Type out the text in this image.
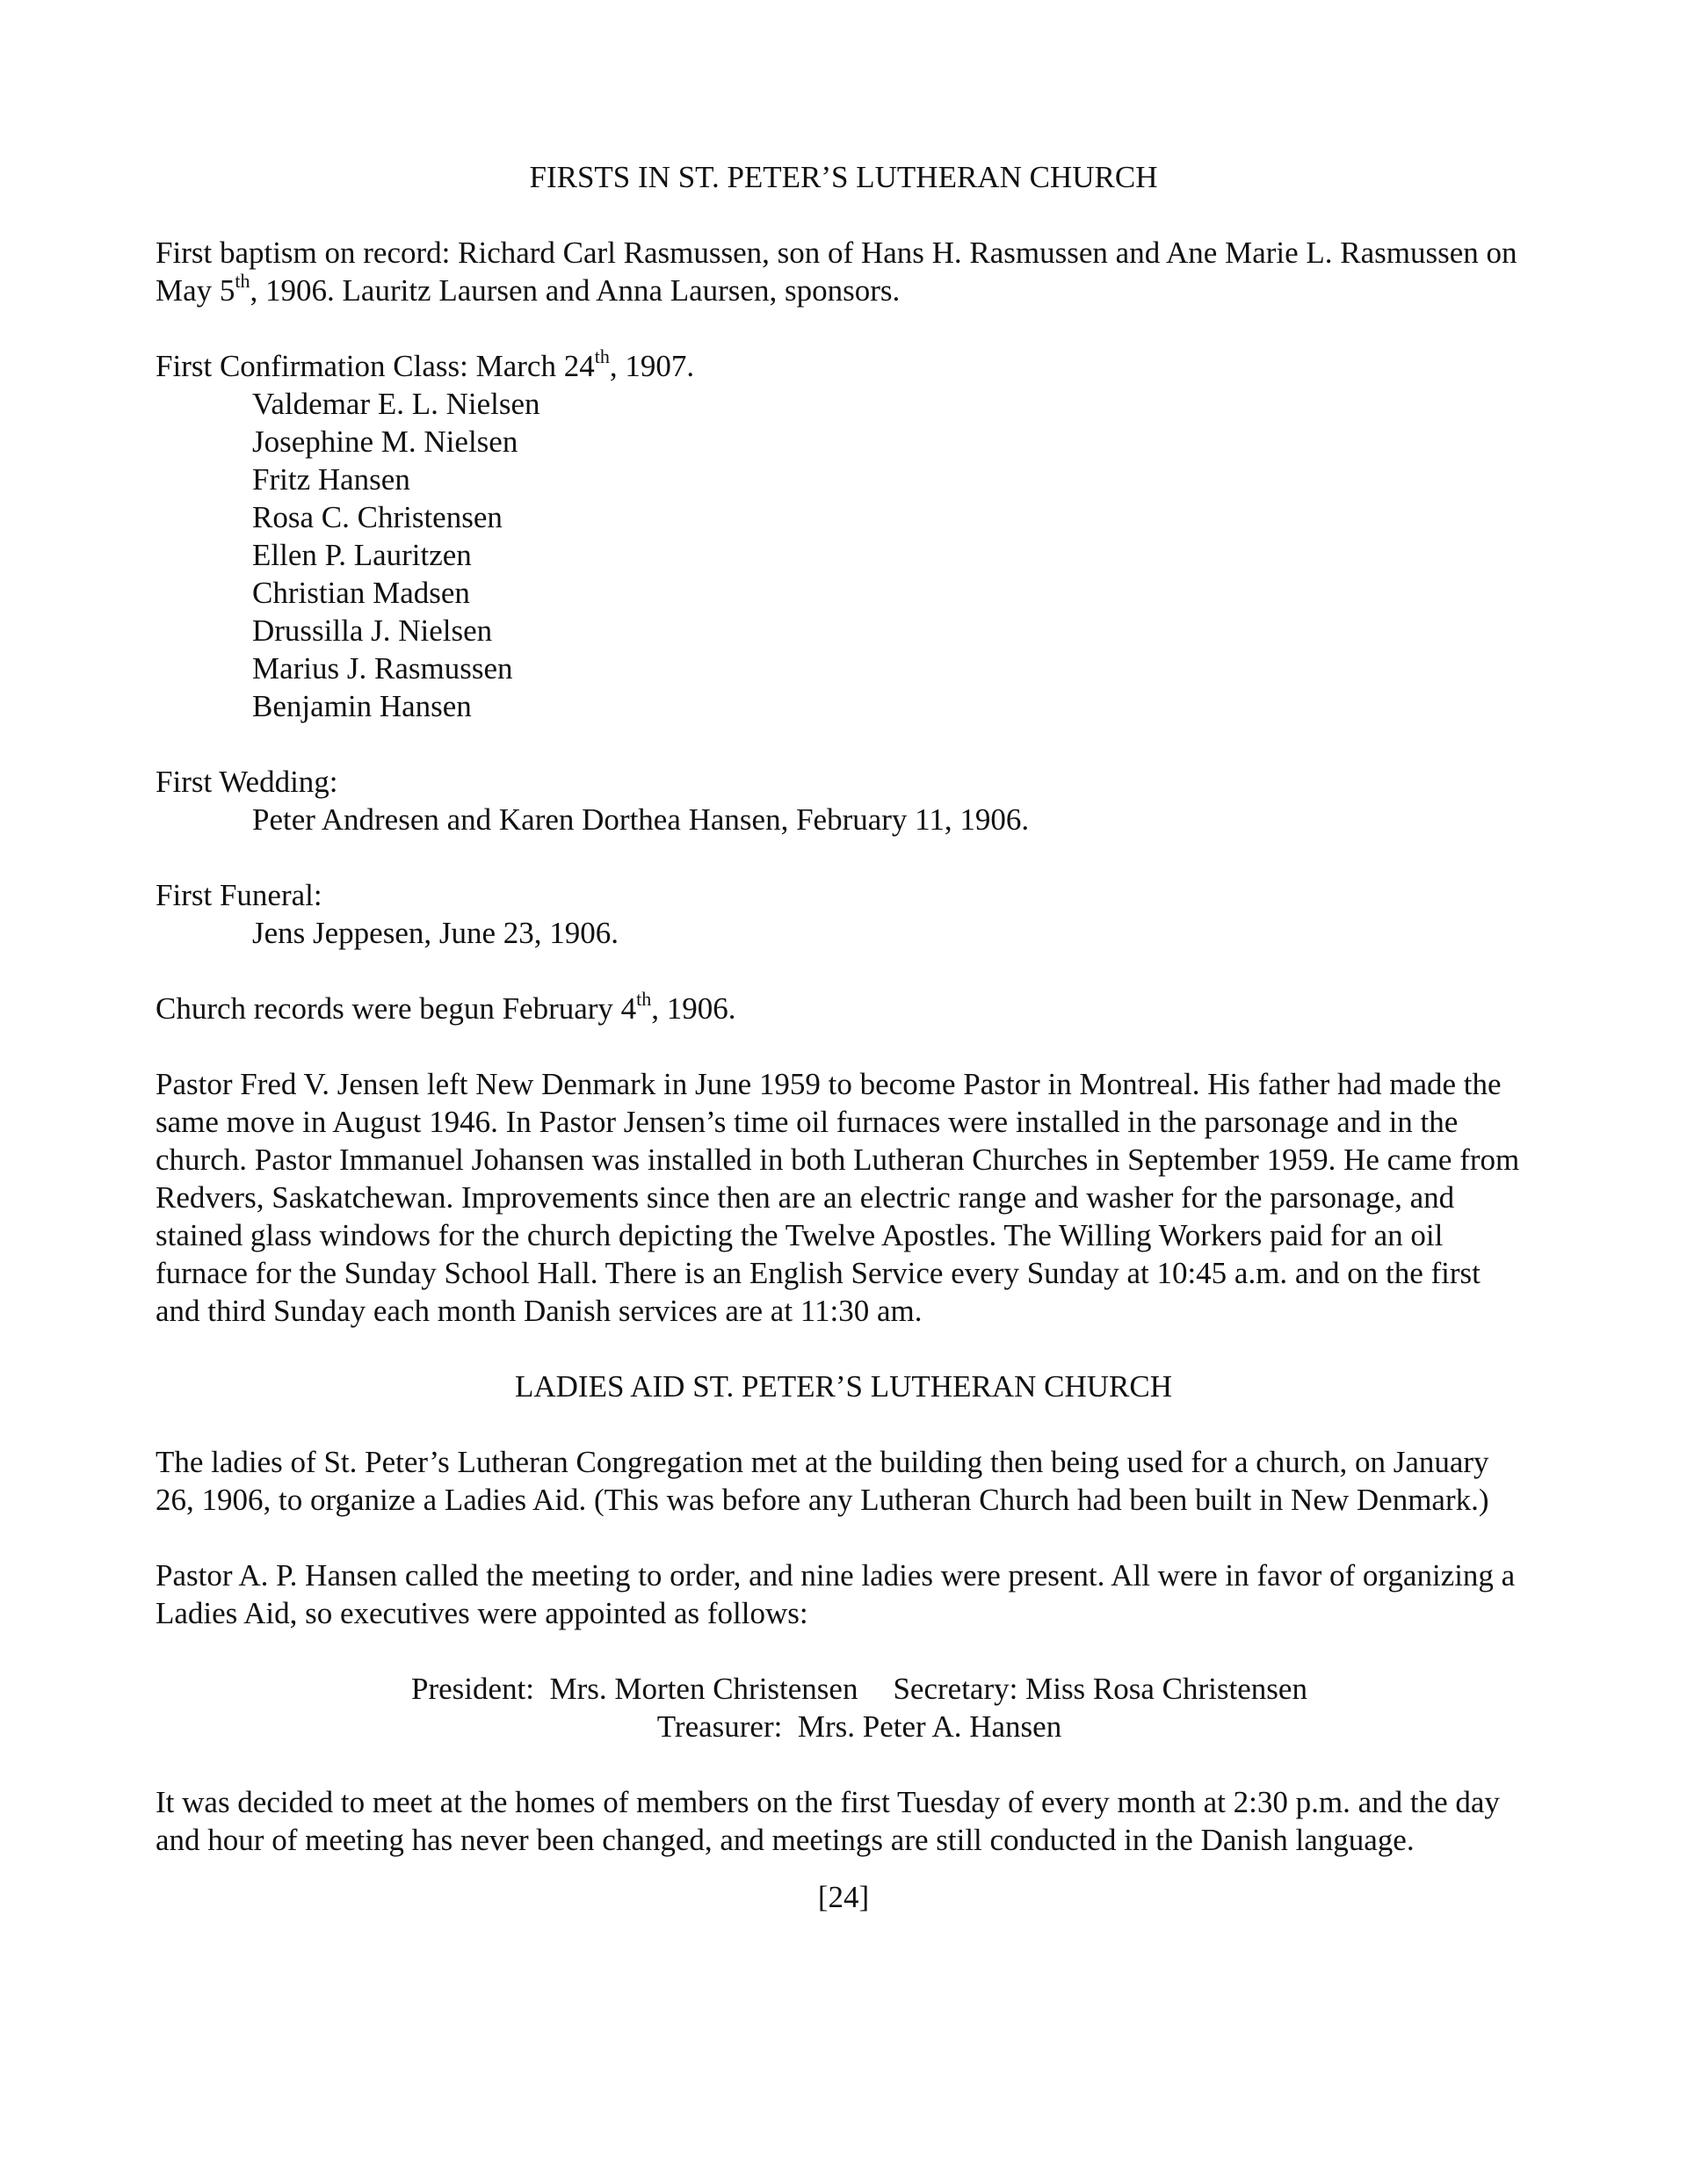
FIRSTS IN ST. PETER’S LUTHERAN CHURCH

First baptism on record: Richard Carl Rasmussen, son of Hans H. Rasmussen and Ane Marie L. Rasmussen on May 5th, 1906. Lauritz Laursen and Anna Laursen, sponsors.

First Confirmation Class: March 24th, 1907.

Valdemar E. L. Nielsen

Josephine M. Nielsen

Fritz Hansen

Rosa C. Christensen

Ellen P. Lauritzen

Christian Madsen

Drussilla J. Nielsen

Marius J. Rasmussen

Benjamin Hansen

First Wedding:

Peter Andresen and Karen Dorthea Hansen, February 11, 1906.

First Funeral:

Jens Jeppesen, June 23, 1906.

Church records were begun February 4th, 1906.

Pastor Fred V. Jensen left New Denmark in June 1959 to become Pastor in Montreal. His father had made the same move in August 1946. In Pastor Jensen’s time oil furnaces were installed in the parsonage and in the church. Pastor Immanuel Johansen was installed in both Lutheran Churches in September 1959. He came from Redvers, Saskatchewan. Improvements since then are an electric range and washer for the parsonage, and stained glass windows for the church depicting the Twelve Apostles. The Willing Workers paid for an oil furnace for the Sunday School Hall. There is an English Service every Sunday at 10:45 a.m. and on the first and third Sunday each month Danish services are at 11:30 am.

LADIES AID ST. PETER’S LUTHERAN CHURCH

The ladies of St. Peter’s Lutheran Congregation met at the building then being used for a church, on January 26, 1906, to organize a Ladies Aid. (This was before any Lutheran Church had been built in New Denmark.)

Pastor A. P. Hansen called the meeting to order, and nine ladies were present. All were in favor of organizing a Ladies Aid, so executives were appointed as follows:

President: Mrs. Morten Christensen Secretary: Miss Rosa Christensen

Treasurer: Mrs. Peter A. Hansen

It was decided to meet at the homes of members on the first Tuesday of every month at 2:30 p.m. and the day and hour of meeting has never been changed, and meetings are still conducted in the Danish language.

[24]
